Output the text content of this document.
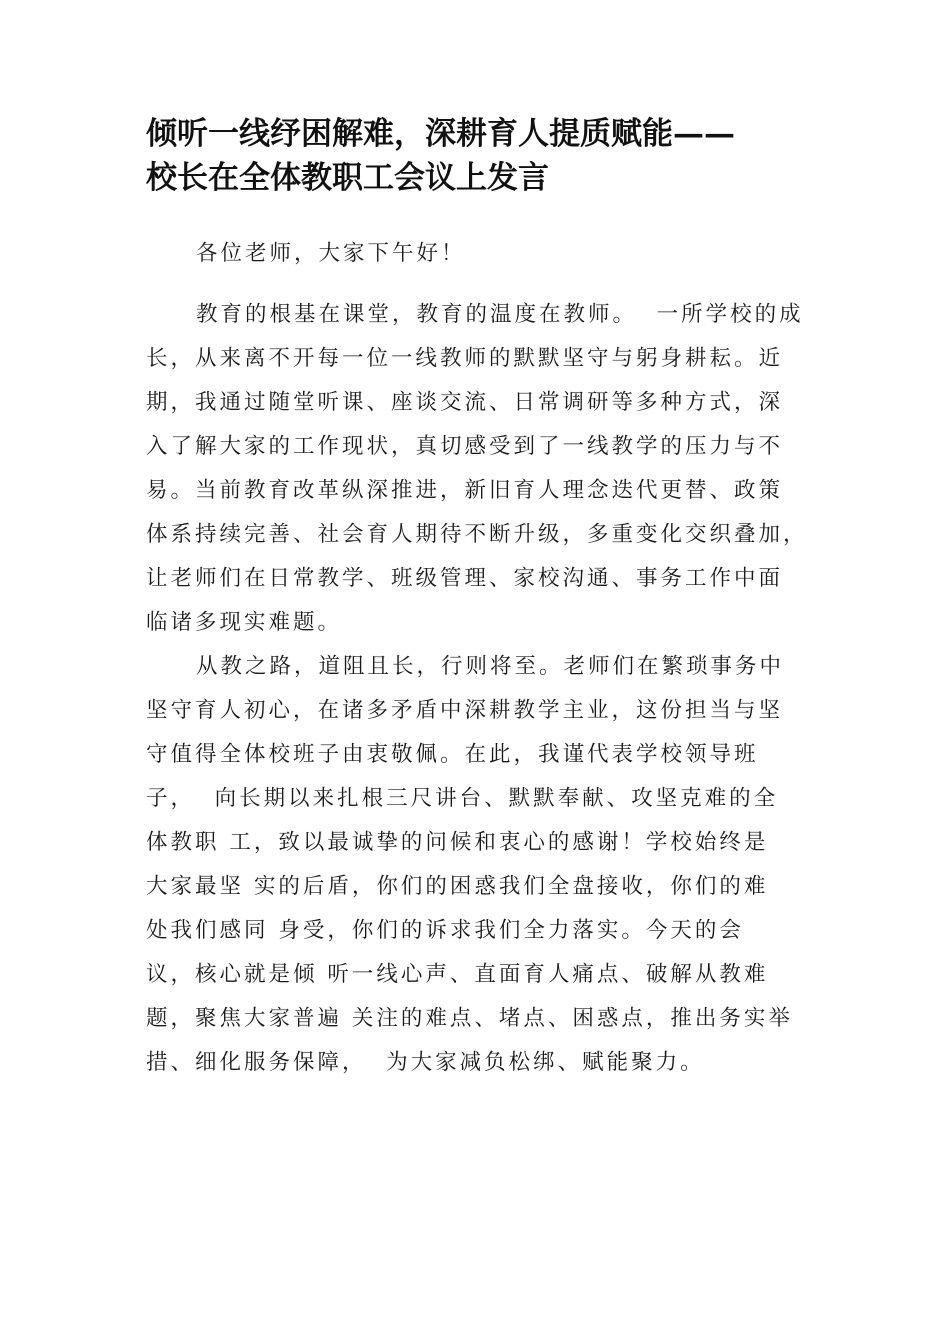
倾听一线纾困解难，深耕育人提质赋能——
校长在全体教职工会议上发言
各位老师，大家下午好！
教育的根基在课堂，教育的温度在教师。  一所学校的成
长，从来离不开每一位一线教师的默默坚守与躬身耕耘。近
期，我通过随堂听课、座谈交流、日常调研等多种方式，深
入了解大家的工作现状，真切感受到了一线教学的压力与不
易。当前教育改革纵深推进，新旧育人理念迭代更替、政策
体系持续完善、社会育人期待不断升级，多重变化交织叠加，
让老师们在日常教学、班级管理、家校沟通、事务工作中面
临诸多现实难题。
从教之路，道阻且长，行则将至。老师们在繁琐事务中
坚守育人初心，在诸多矛盾中深耕教学主业，这份担当与坚
守值得全体校班子由衷敬佩。在此，我谨代表学校领导班
子，  向长期以来扎根三尺讲台、默默奉献、攻坚克难的全
体教职 工，致以最诚挚的问候和衷心的感谢！学校始终是
大家最坚 实的后盾，你们的困惑我们全盘接收，你们的难
处我们感同 身受，你们的诉求我们全力落实。今天的会
议，核心就是倾 听一线心声、直面育人痛点、破解从教难
题，聚焦大家普遍 关注的难点、堵点、困惑点，推出务实举
措、细化服务保障，  为大家减负松绑、赋能聚力。
